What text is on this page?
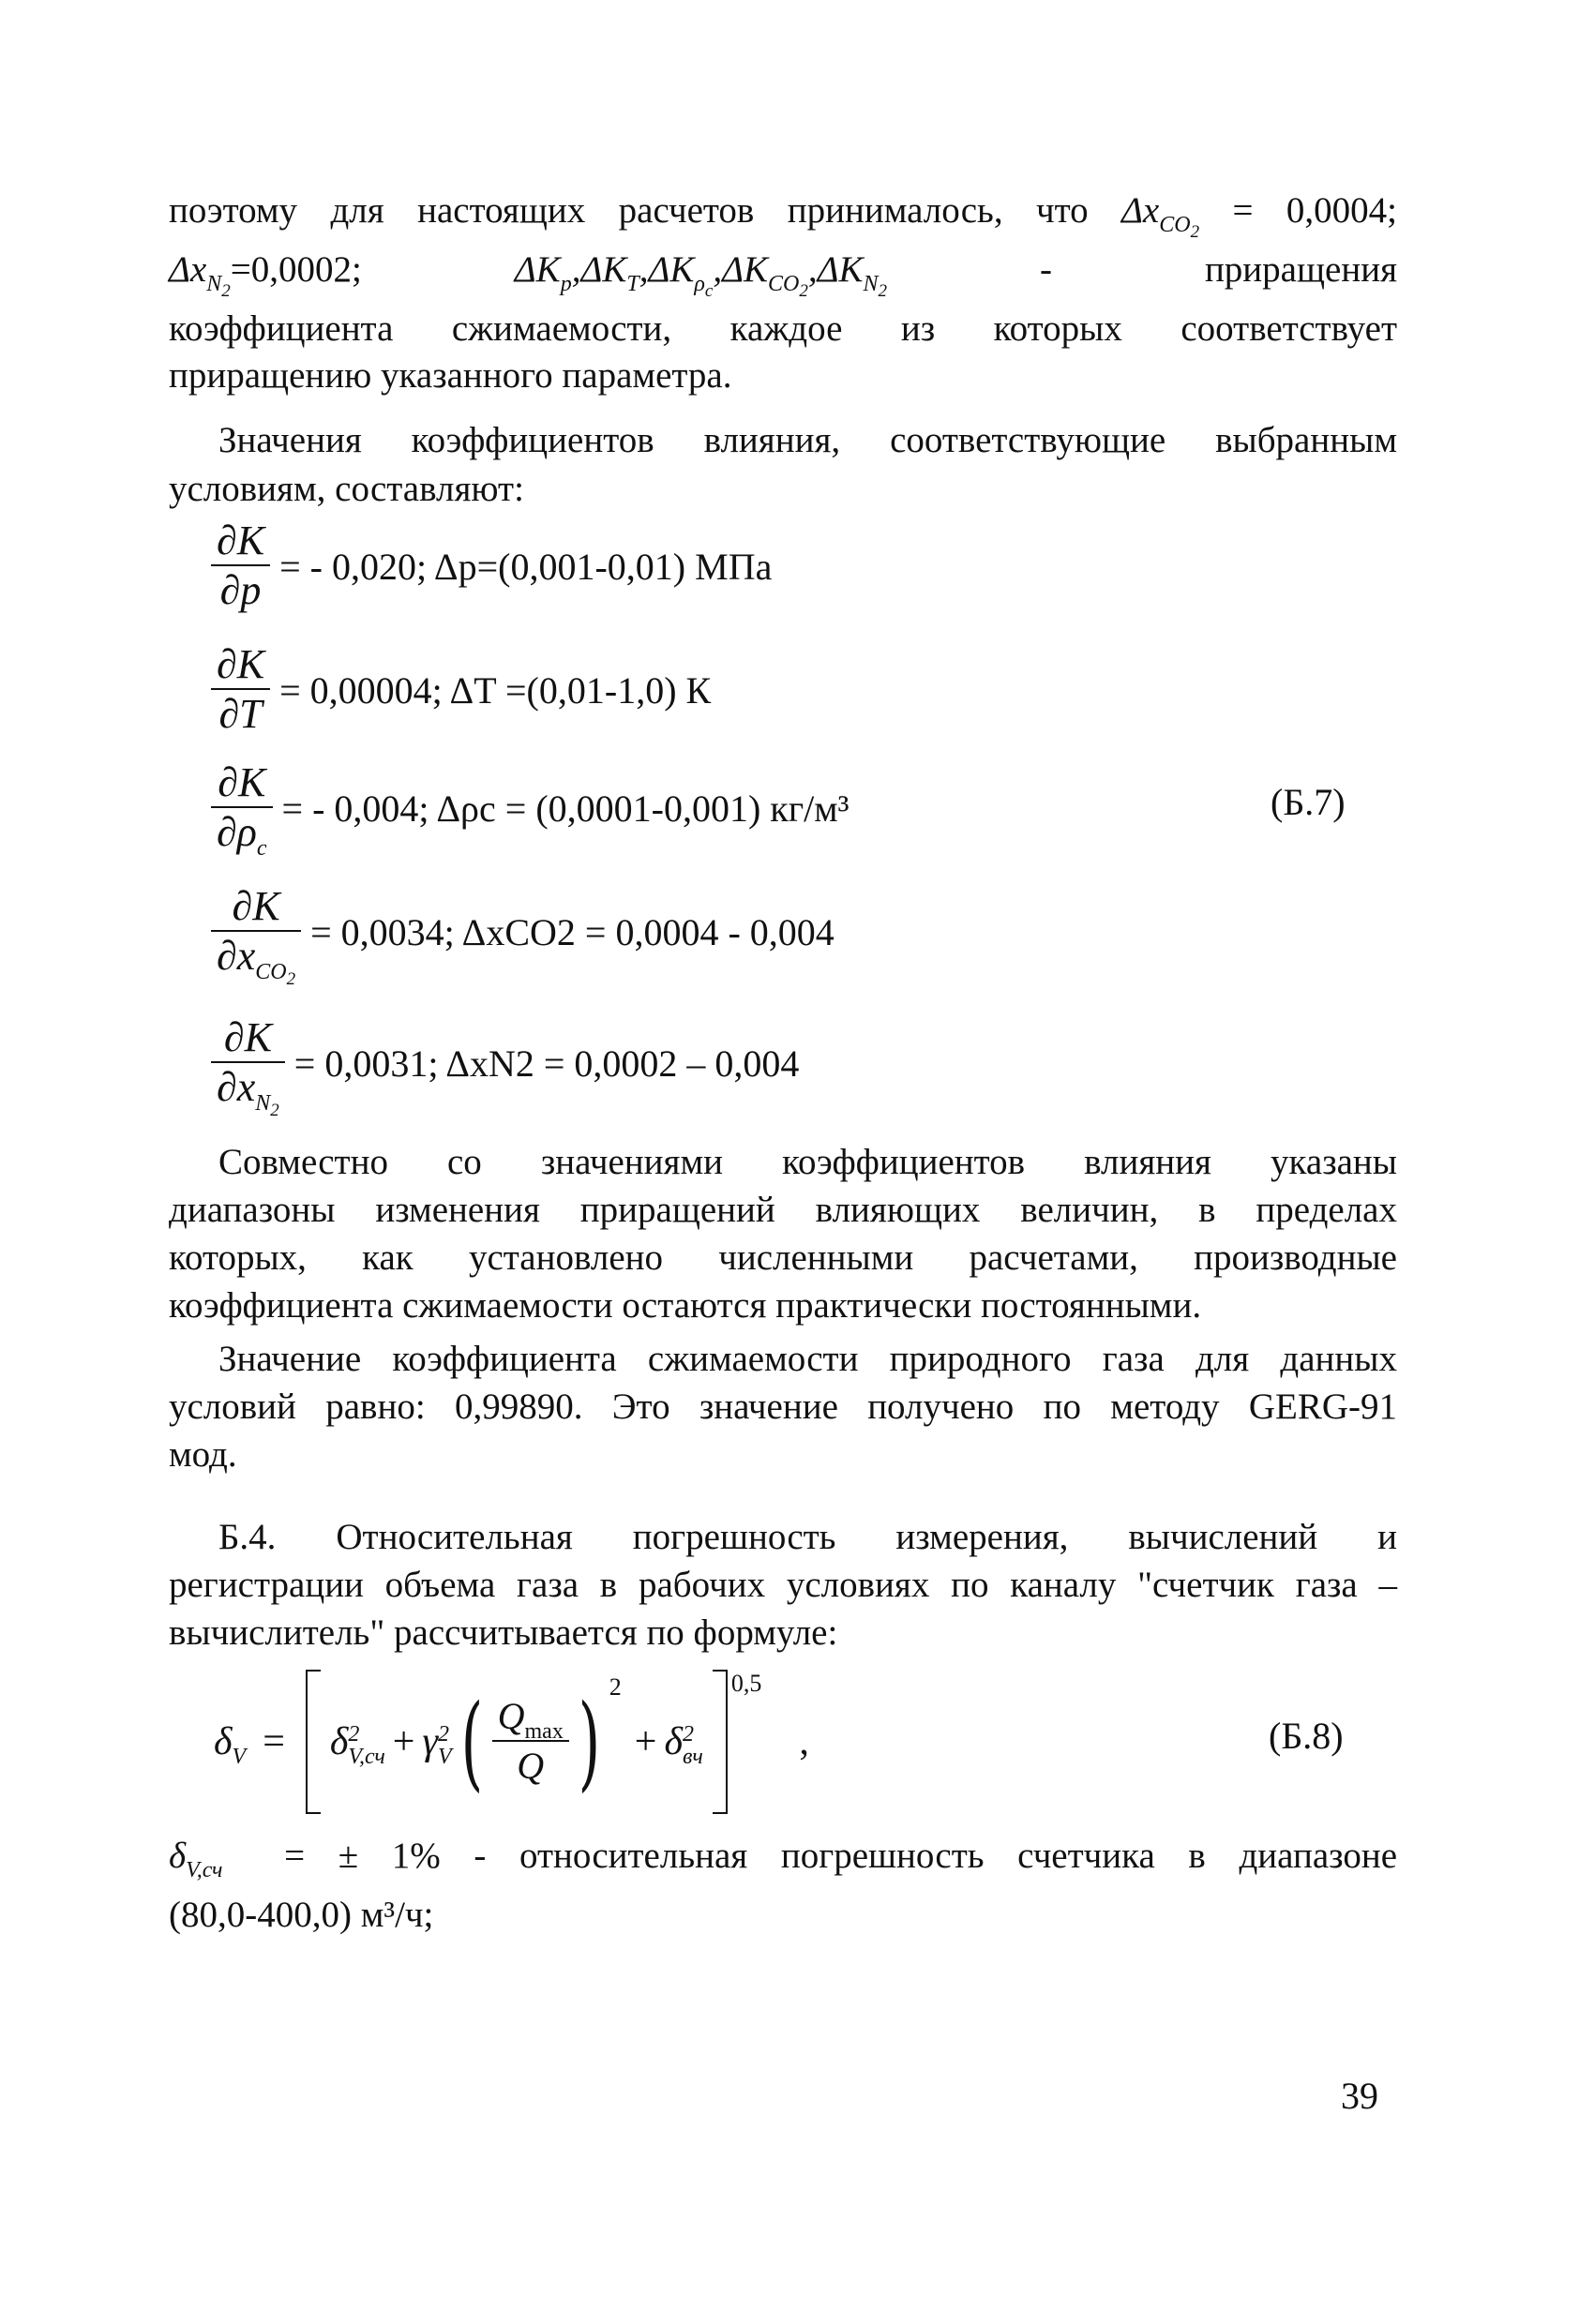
поэтому для настоящих расчетов принималось, что $\Delta x_{CO_2} = 0,0004$;
$\Delta x_{N_2}=0,0002$;	$\Delta K_p,\Delta K_T,\Delta K_{\rho_c},\Delta K_{CO_2},\Delta K_{N_2}$ -	приращения
коэффициента сжимаемости, каждое из которых соответствует
приращению указанного параметра.
Значения коэффициентов влияния, соответствующие выбранным
условиям, составляют:
$\frac{\partial K}{\partial p}$ = - 0,020; Δp=(0,001-0,01) МПа
$\frac{\partial K}{\partial T} = 0,00004$; ΔT =(0,01-1,0) К
$\frac{\partial K}{\partial\rho_c}$ = - 0,004; Δρc = (0,0001-0,001) кг/м³	(Б.7)
$\frac{\partial K}{\partial x_{CO_2}} = 0,0034$; ΔxCO2 = 0,0004 - 0,004
$\frac{\partial K}{\partial x_{N_2}} = 0,0031$; ΔxN2 = 0,0002 – 0,004
Совместно со значениями коэффициентов влияния указаны
диапазоны изменения приращений влияющих величин, в пределах
которых, как установлено численными расчетами, производные
коэффициента сжимаемости остаются практически постоянными.
Значение коэффициента сжимаемости природного газа для данных
условий равно: 0,99890. Это значение получено по методу GERG-91
мод.
Б.4. Относительная погрешность измерения, вычислений и
регистрации объема газа в рабочих условиях по каналу "счетчик газа –
вычислитель" рассчитывается по формуле:
$\delta_V = \delta^2_{V,сч} + \gamma^2_V$ ( $\frac{Q_{max}}{Q}$ ) 2
+ $\delta^2_{вч}$
0,5
,	(Б.8)
$\delta_{V,сч}$ = ± 1% - относительная погрешность счетчика в диапазоне
(80,0-400,0) м³/ч;
39
